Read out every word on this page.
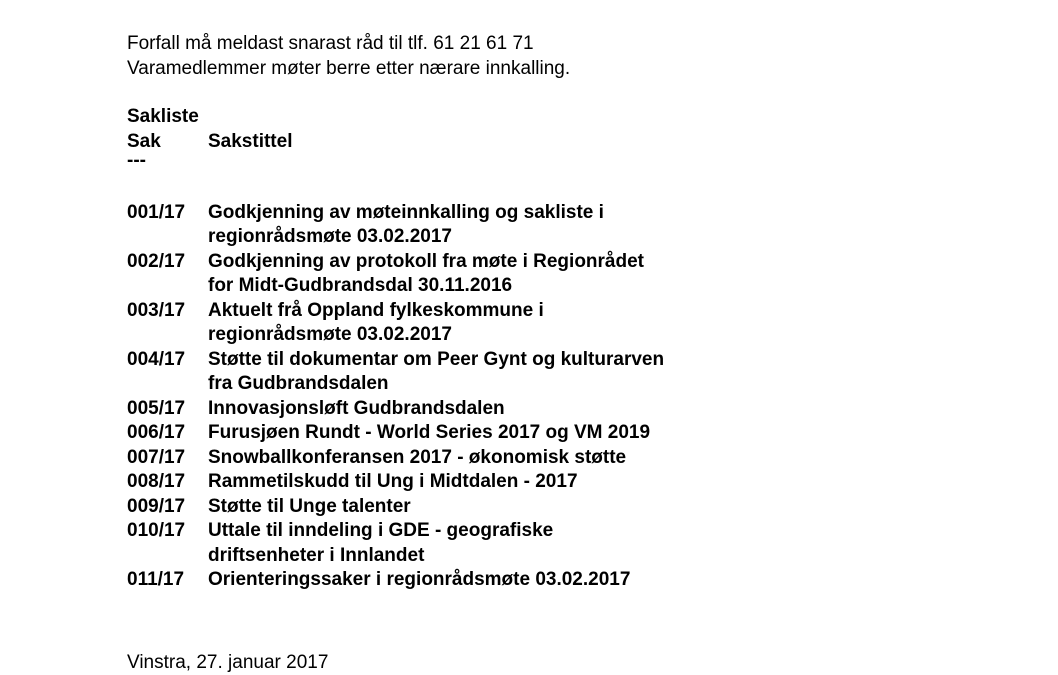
Forfall må meldast snarast råd til tlf. 61 21 61 71
Varamedlemmer møter berre etter nærare innkalling.
Sakliste
Sak	Sakstittel
---
001/17	Godkjenning av møteinnkalling og sakliste i
regionrådsmøte 03.02.2017
002/17	Godkjenning av protokoll fra møte i Regionrådet
for Midt-Gudbrandsdal 30.11.2016
003/17	Aktuelt frå Oppland fylkeskommune i
regionrådsmøte 03.02.2017
004/17	Støtte til dokumentar om Peer Gynt og kulturarven
fra Gudbrandsdalen
005/17	Innovasjonsløft Gudbrandsdalen
006/17	Furusjøen Rundt - World Series 2017 og VM 2019
007/17	Snowballkonferansen 2017 - økonomisk støtte
008/17	Rammetilskudd til Ung i Midtdalen - 2017
009/17	Støtte til Unge talenter
010/17	Uttale til inndeling i GDE - geografiske
driftsenheter i Innlandet
011/17	Orienteringssaker i regionrådsmøte 03.02.2017
Vinstra, 27. januar 2017
